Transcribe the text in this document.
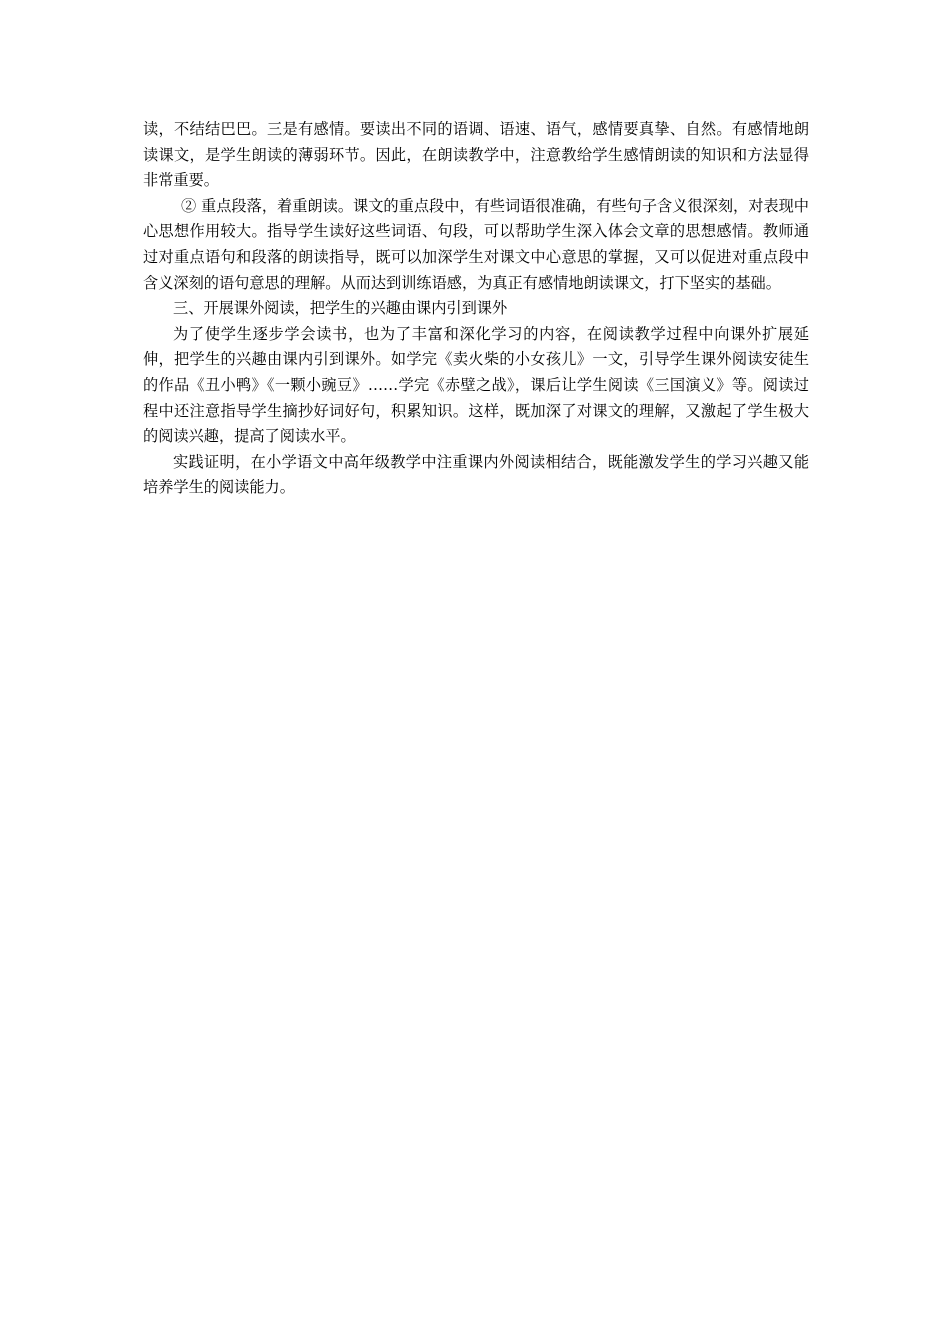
读，不结结巴巴。三是有感情。要读出不同的语调、语速、语气，感情要真挚、自然。有感情地朗读课文，是学生朗读的薄弱环节。因此，在朗读教学中，注意教给学生感情朗读的知识和方法显得非常重要。

② 重点段落，着重朗读。课文的重点段中，有些词语很准确，有些句子含义很深刻，对表现中心思想作用较大。指导学生读好这些词语、句段，可以帮助学生深入体会文章的思想感情。教师通过对重点语句和段落的朗读指导，既可以加深学生对课文中心意思的掌握，又可以促进对重点段中含义深刻的语句意思的理解。从而达到训练语感，为真正有感情地朗读课文，打下坚实的基础。

三、开展课外阅读，把学生的兴趣由课内引到课外

为了使学生逐步学会读书，也为了丰富和深化学习的内容，在阅读教学过程中向课外扩展延伸，把学生的兴趣由课内引到课外。如学完《卖火柴的小女孩儿》一文，引导学生课外阅读安徒生的作品《丑小鸭》《一颗小豌豆》……学完《赤壁之战》，课后让学生阅读《三国演义》等。阅读过程中还注意指导学生摘抄好词好句，积累知识。这样，既加深了对课文的理解，又激起了学生极大的阅读兴趣，提高了阅读水平。

实践证明，在小学语文中高年级教学中注重课内外阅读相结合，既能激发学生的学习兴趣又能培养学生的阅读能力。
